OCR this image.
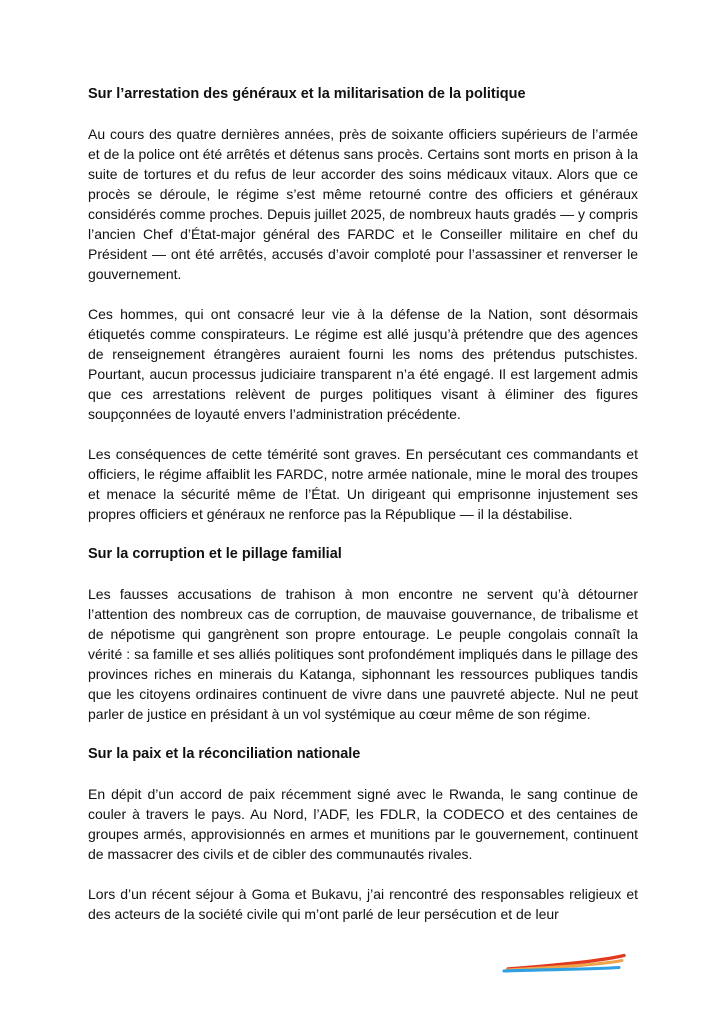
Sur l’arrestation des généraux et la militarisation de la politique

Au cours des quatre dernières années, près de soixante officiers supérieurs de l’armée et de la police ont été arrêtés et détenus sans procès. Certains sont morts en prison à la suite de tortures et du refus de leur accorder des soins médicaux vitaux. Alors que ce procès se déroule, le régime s’est même retourné contre des officiers et généraux considérés comme proches. Depuis juillet 2025, de nombreux hauts gradés — y compris l’ancien Chef d’État-major général des FARDC et le Conseiller militaire en chef du Président — ont été arrêtés, accusés d’avoir comploté pour l’assassiner et renverser le gouvernement.

Ces hommes, qui ont consacré leur vie à la défense de la Nation, sont désormais étiquetés comme conspirateurs. Le régime est allé jusqu’à prétendre que des agences de renseignement étrangères auraient fourni les noms des prétendus putschistes. Pourtant, aucun processus judiciaire transparent n’a été engagé. Il est largement admis que ces arrestations relèvent de purges politiques visant à éliminer des figures soupçonnées de loyauté envers l’administration précédente.

Les conséquences de cette témérité sont graves. En persécutant ces commandants et officiers, le régime affaiblit les FARDC, notre armée nationale, mine le moral des troupes et menace la sécurité même de l’État. Un dirigeant qui emprisonne injustement ses propres officiers et généraux ne renforce pas la République — il la déstabilise.

Sur la corruption et le pillage familial

Les fausses accusations de trahison à mon encontre ne servent qu’à détourner l’attention des nombreux cas de corruption, de mauvaise gouvernance, de tribalisme et de népotisme qui gangrènent son propre entourage. Le peuple congolais connaît la vérité : sa famille et ses alliés politiques sont profondément impliqués dans le pillage des provinces riches en minerais du Katanga, siphonnant les ressources publiques tandis que les citoyens ordinaires continuent de vivre dans une pauvreté abjecte. Nul ne peut parler de justice en présidant à un vol systémique au cœur même de son régime.

Sur la paix et la réconciliation nationale

En dépit d’un accord de paix récemment signé avec le Rwanda, le sang continue de couler à travers le pays. Au Nord, l’ADF, les FDLR, la CODECO et des centaines de groupes armés, approvisionnés en armes et munitions par le gouvernement, continuent de massacrer des civils et de cibler des communautés rivales.

Lors d’un récent séjour à Goma et Bukavu, j’ai rencontré des responsables religieux et des acteurs de la société civile qui m’ont parlé de leur persécution et de leur
